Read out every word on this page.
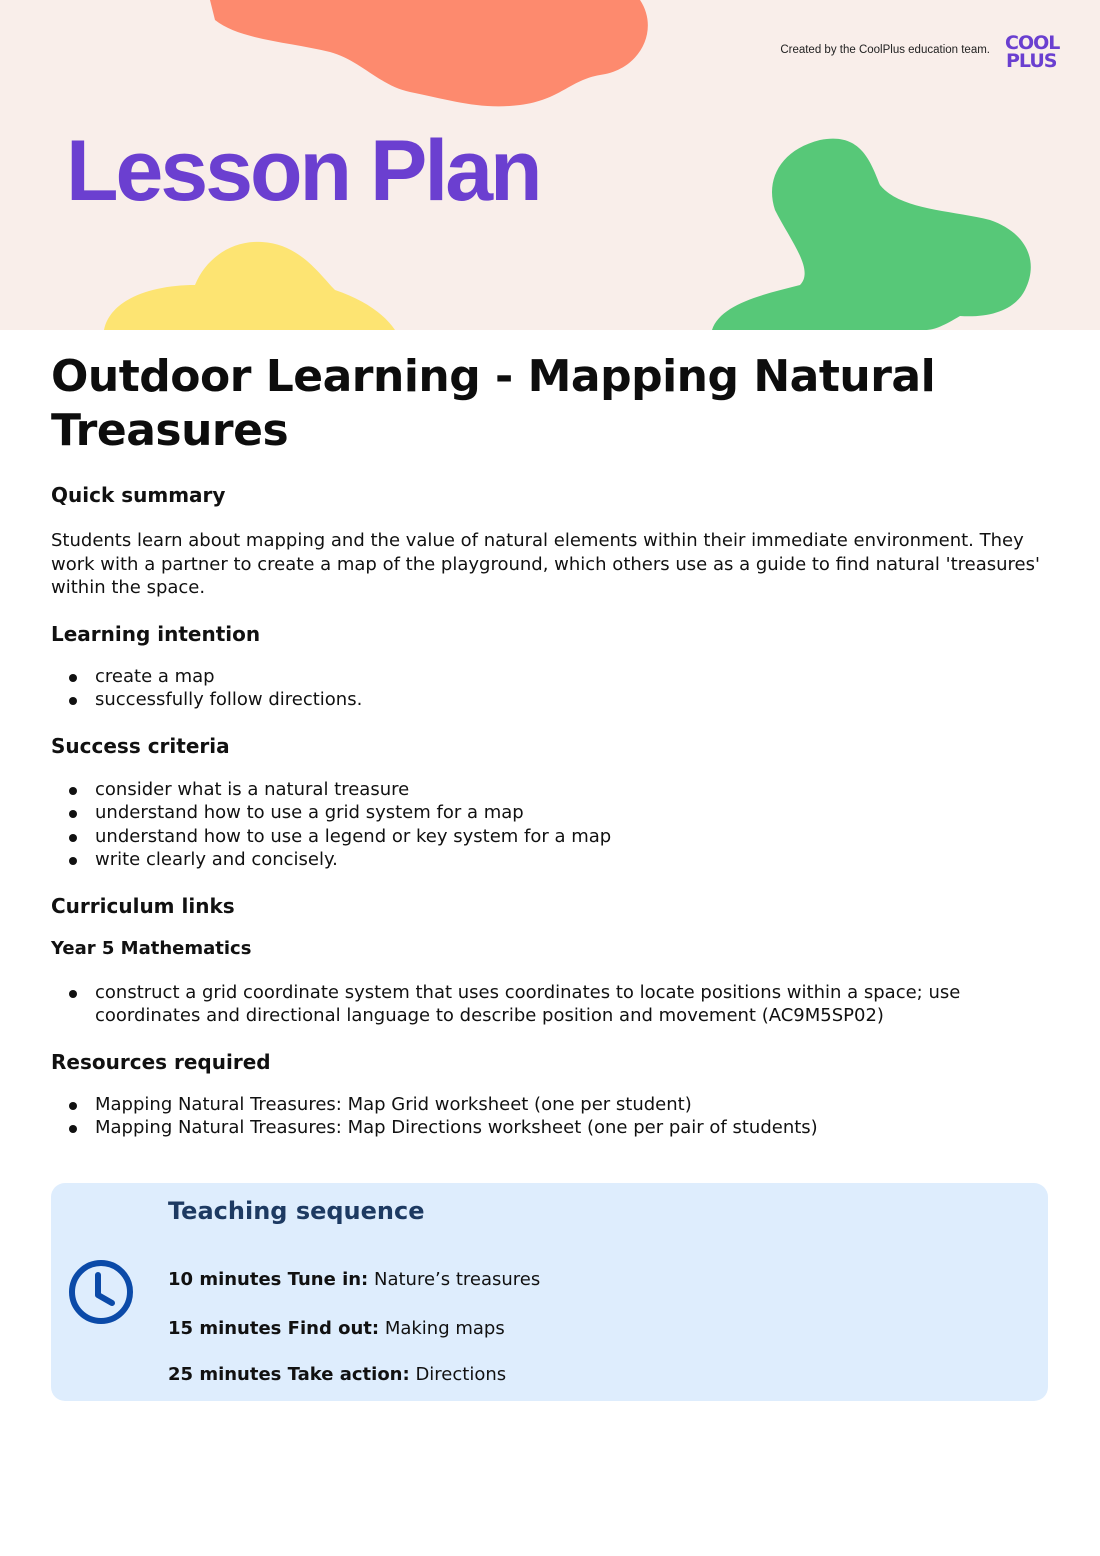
Created by the CoolPlus education team. COOL
PLUS
Lesson Plan
Outdoor Learning - Mapping Natural Treasures
Quick summary

Students learn about mapping and the value of natural elements within their immediate environment. They work with a partner to create a map of the playground, which others use as a guide to find natural 'treasures' within the space.

Learning intention
create a map
successfully follow directions.
Success criteria
consider what is a natural treasure
understand how to use a grid system for a map
understand how to use a legend or key system for a map
write clearly and concisely.
Curriculum links
Year 5 Mathematics
construct a grid coordinate system that uses coordinates to locate positions within a space; use coordinates and directional language to describe position and movement (AC9M5SP02)
Resources required
Mapping Natural Treasures: Map Grid worksheet (one per student)
Mapping Natural Treasures: Map Directions worksheet (one per pair of students)
Teaching sequence
10 minutes Tune in: Nature’s treasures
15 minutes Find out: Making maps
25 minutes Take action: Directions
